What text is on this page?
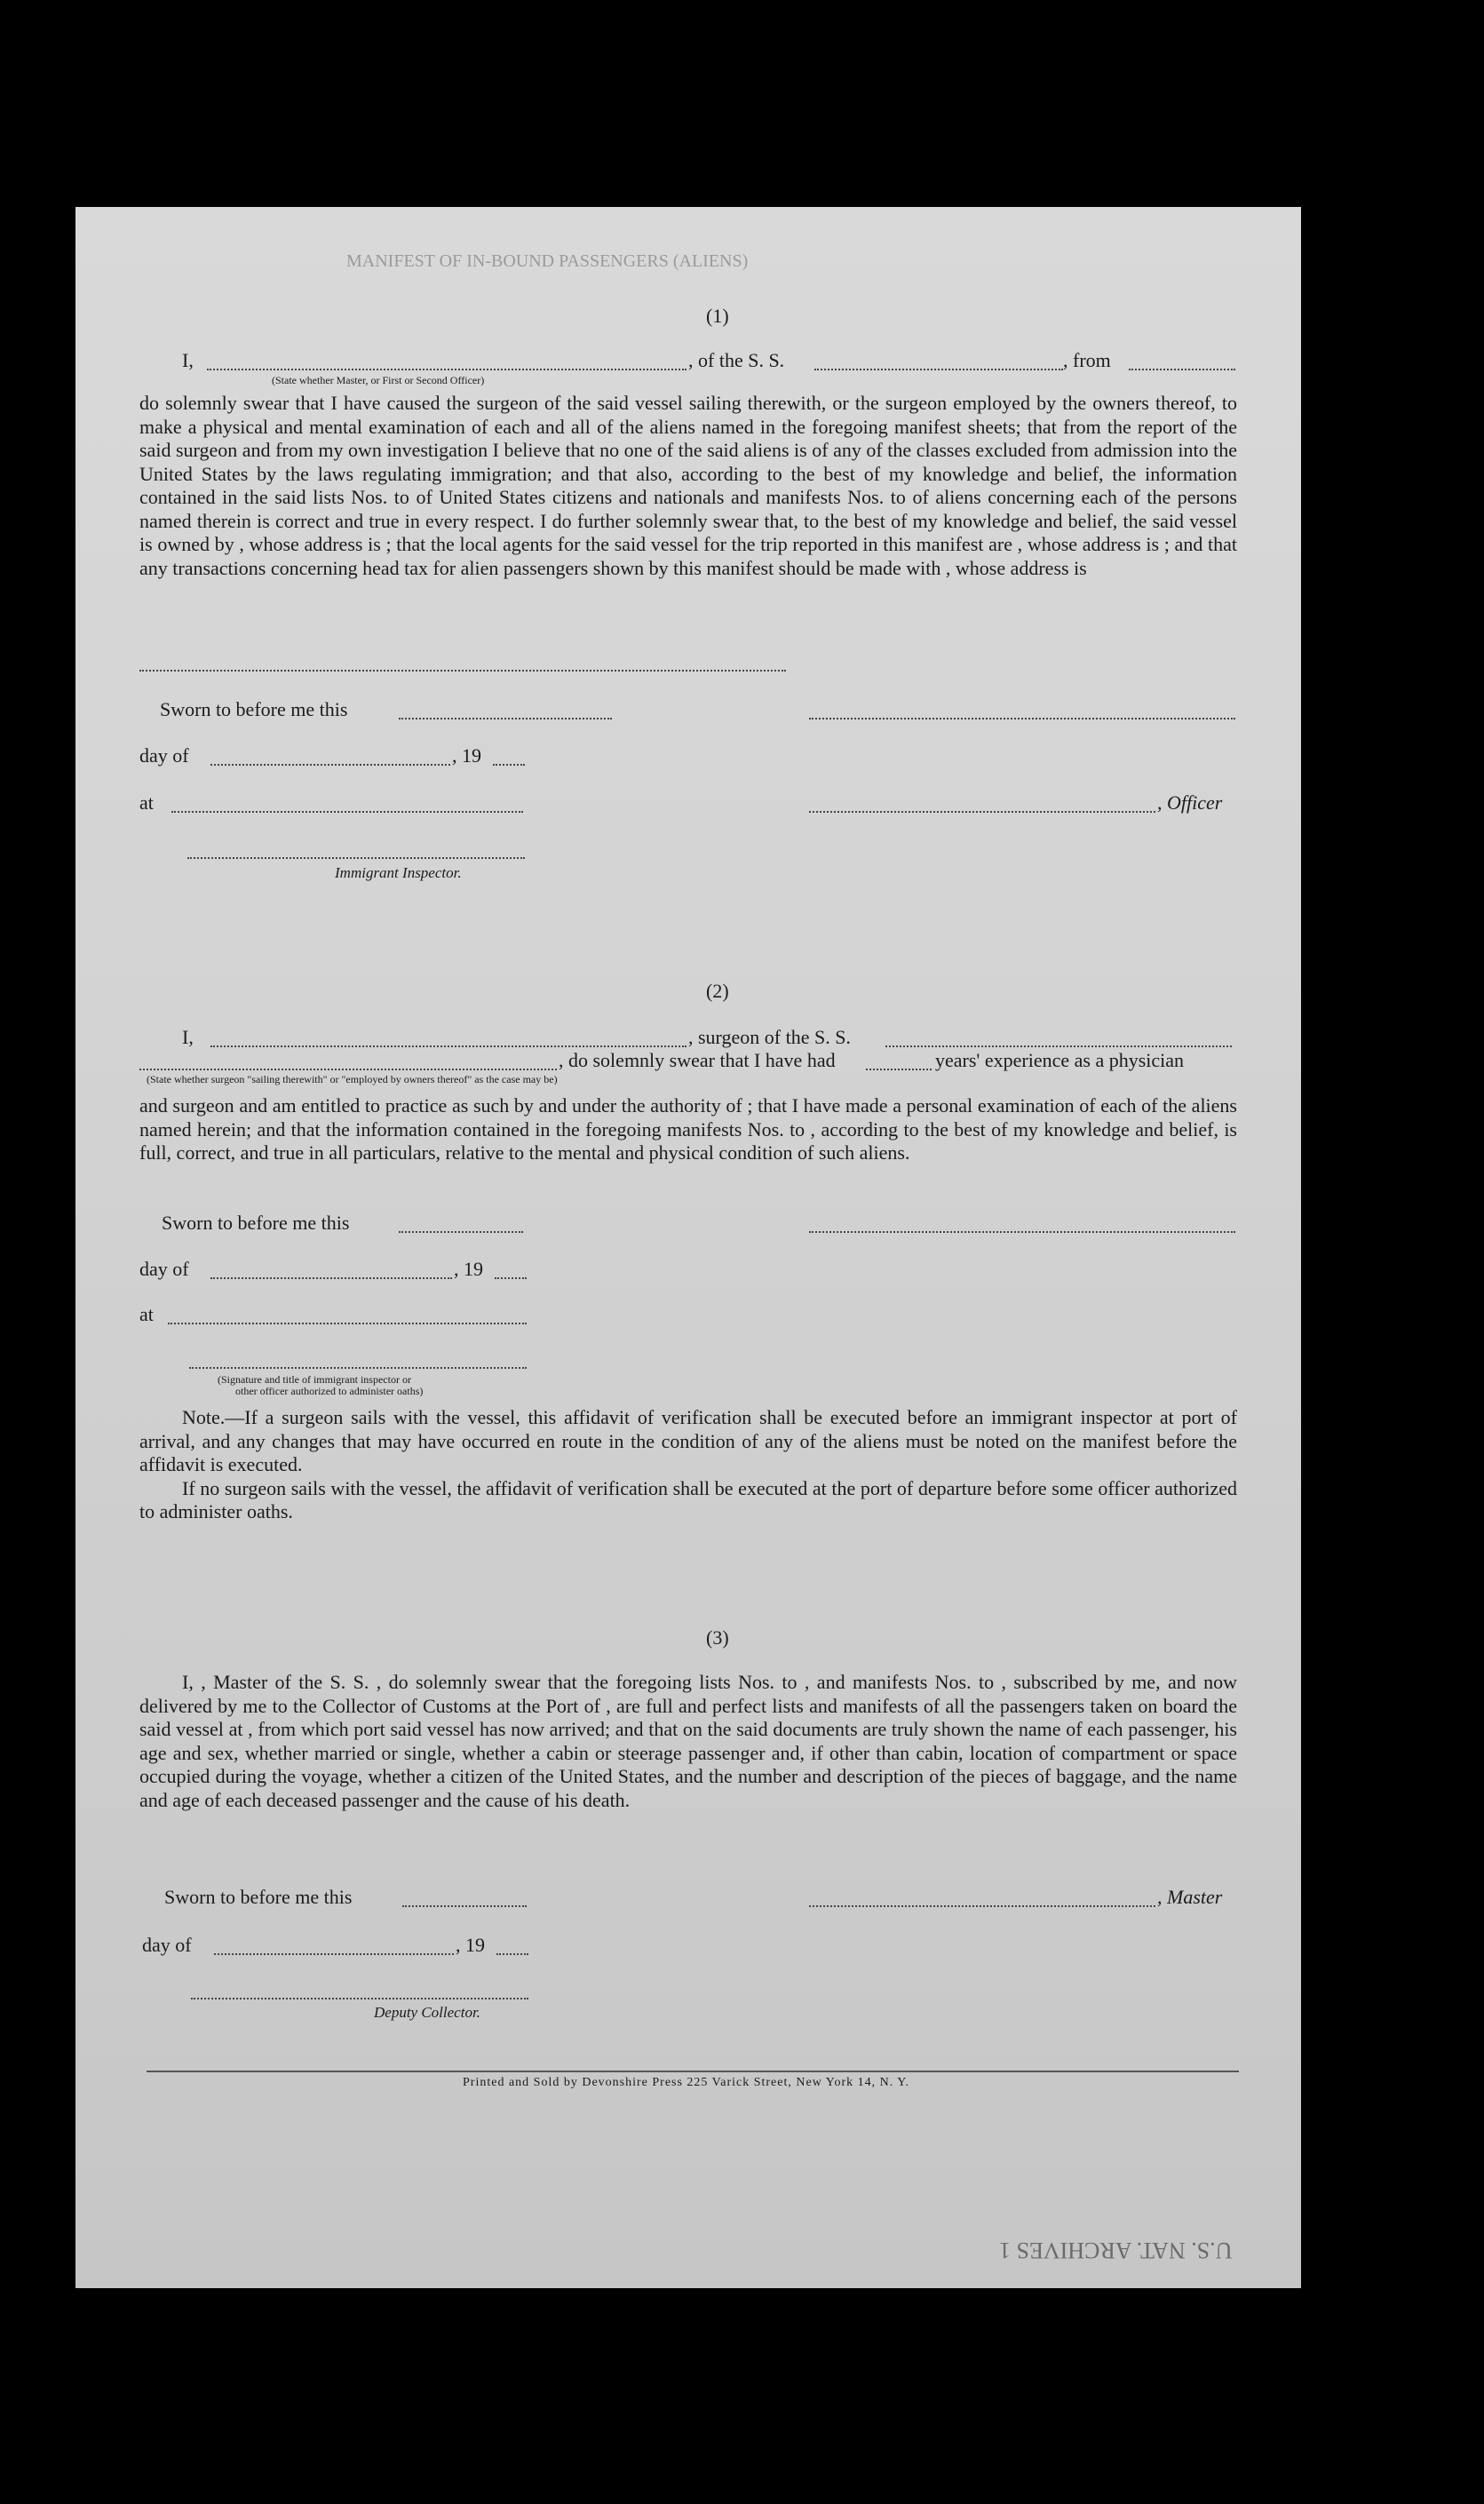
MANIFEST OF IN-BOUND PASSENGERS (ALIENS)
(1)
I,	, of the S. S.	, from
(State whether Master, or First or Second Officer)

do solemnly swear that I have caused the surgeon of the said vessel sailing therewith, or the surgeon employed by the owners thereof, to make a physical and mental examination of each and all of the aliens named in the foregoing manifest sheets; that from the report of the said surgeon and from my own investigation I believe that no one of the said aliens is of any of the classes excluded from admission into the United States by the laws regulating immigration; and that also, according to the best of my knowledge and belief, the information contained in the said lists Nos. to of United States citizens and nationals and manifests Nos. to of aliens concerning each of the persons named therein is correct and true in every respect. I do further solemnly swear that, to the best of my knowledge and belief, the said vessel is owned by , whose address is ; that the local agents for the said vessel for the trip reported in this manifest are , whose address is ; and that any transactions concerning head tax for alien passengers shown by this manifest should be made with , whose address is

Sworn to before me this
day of	, 19
at	, Officer
Immigrant Inspector.
(2)
I,	, surgeon of the S. S.
, do solemnly swear that I have had	years' experience as a physician
(State whether surgeon "sailing therewith" or "employed by owners thereof" as the case may be)

and surgeon and am entitled to practice as such by and under the authority of ; that I have made a personal examination of each of the aliens named herein; and that the information contained in the foregoing manifests Nos. to , according to the best of my knowledge and belief, is full, correct, and true in all particulars, relative to the mental and physical condition of such aliens.

Sworn to before me this
day of	, 19
at
(Signature and title of immigrant inspector or
other officer authorized to administer oaths)

Note.—If a surgeon sails with the vessel, this affidavit of verification shall be executed before an immigrant inspector at port of arrival, and any changes that may have occurred en route in the condition of any of the aliens must be noted on the manifest before the affidavit is executed.

If no surgeon sails with the vessel, the affidavit of verification shall be executed at the port of departure before some officer authorized to administer oaths.

(3)

I, , Master of the S. S. , do solemnly swear that the foregoing lists Nos. to , and manifests Nos. to , subscribed by me, and now delivered by me to the Collector of Customs at the Port of , are full and perfect lists and manifests of all the passengers taken on board the said vessel at , from which port said vessel has now arrived; and that on the said documents are truly shown the name of each passenger, his age and sex, whether married or single, whether a cabin or steerage passenger and, if other than cabin, location of compartment or space occupied during the voyage, whether a citizen of the United States, and the number and description of the pieces of baggage, and the name and age of each deceased passenger and the cause of his death.

Sworn to before me this	, Master
day of	, 19
Deputy Collector.
Printed and Sold by Devonshire Press 225 Varick Street, New York 14, N. Y.
U.S. NAT. ARCHIVES 1
